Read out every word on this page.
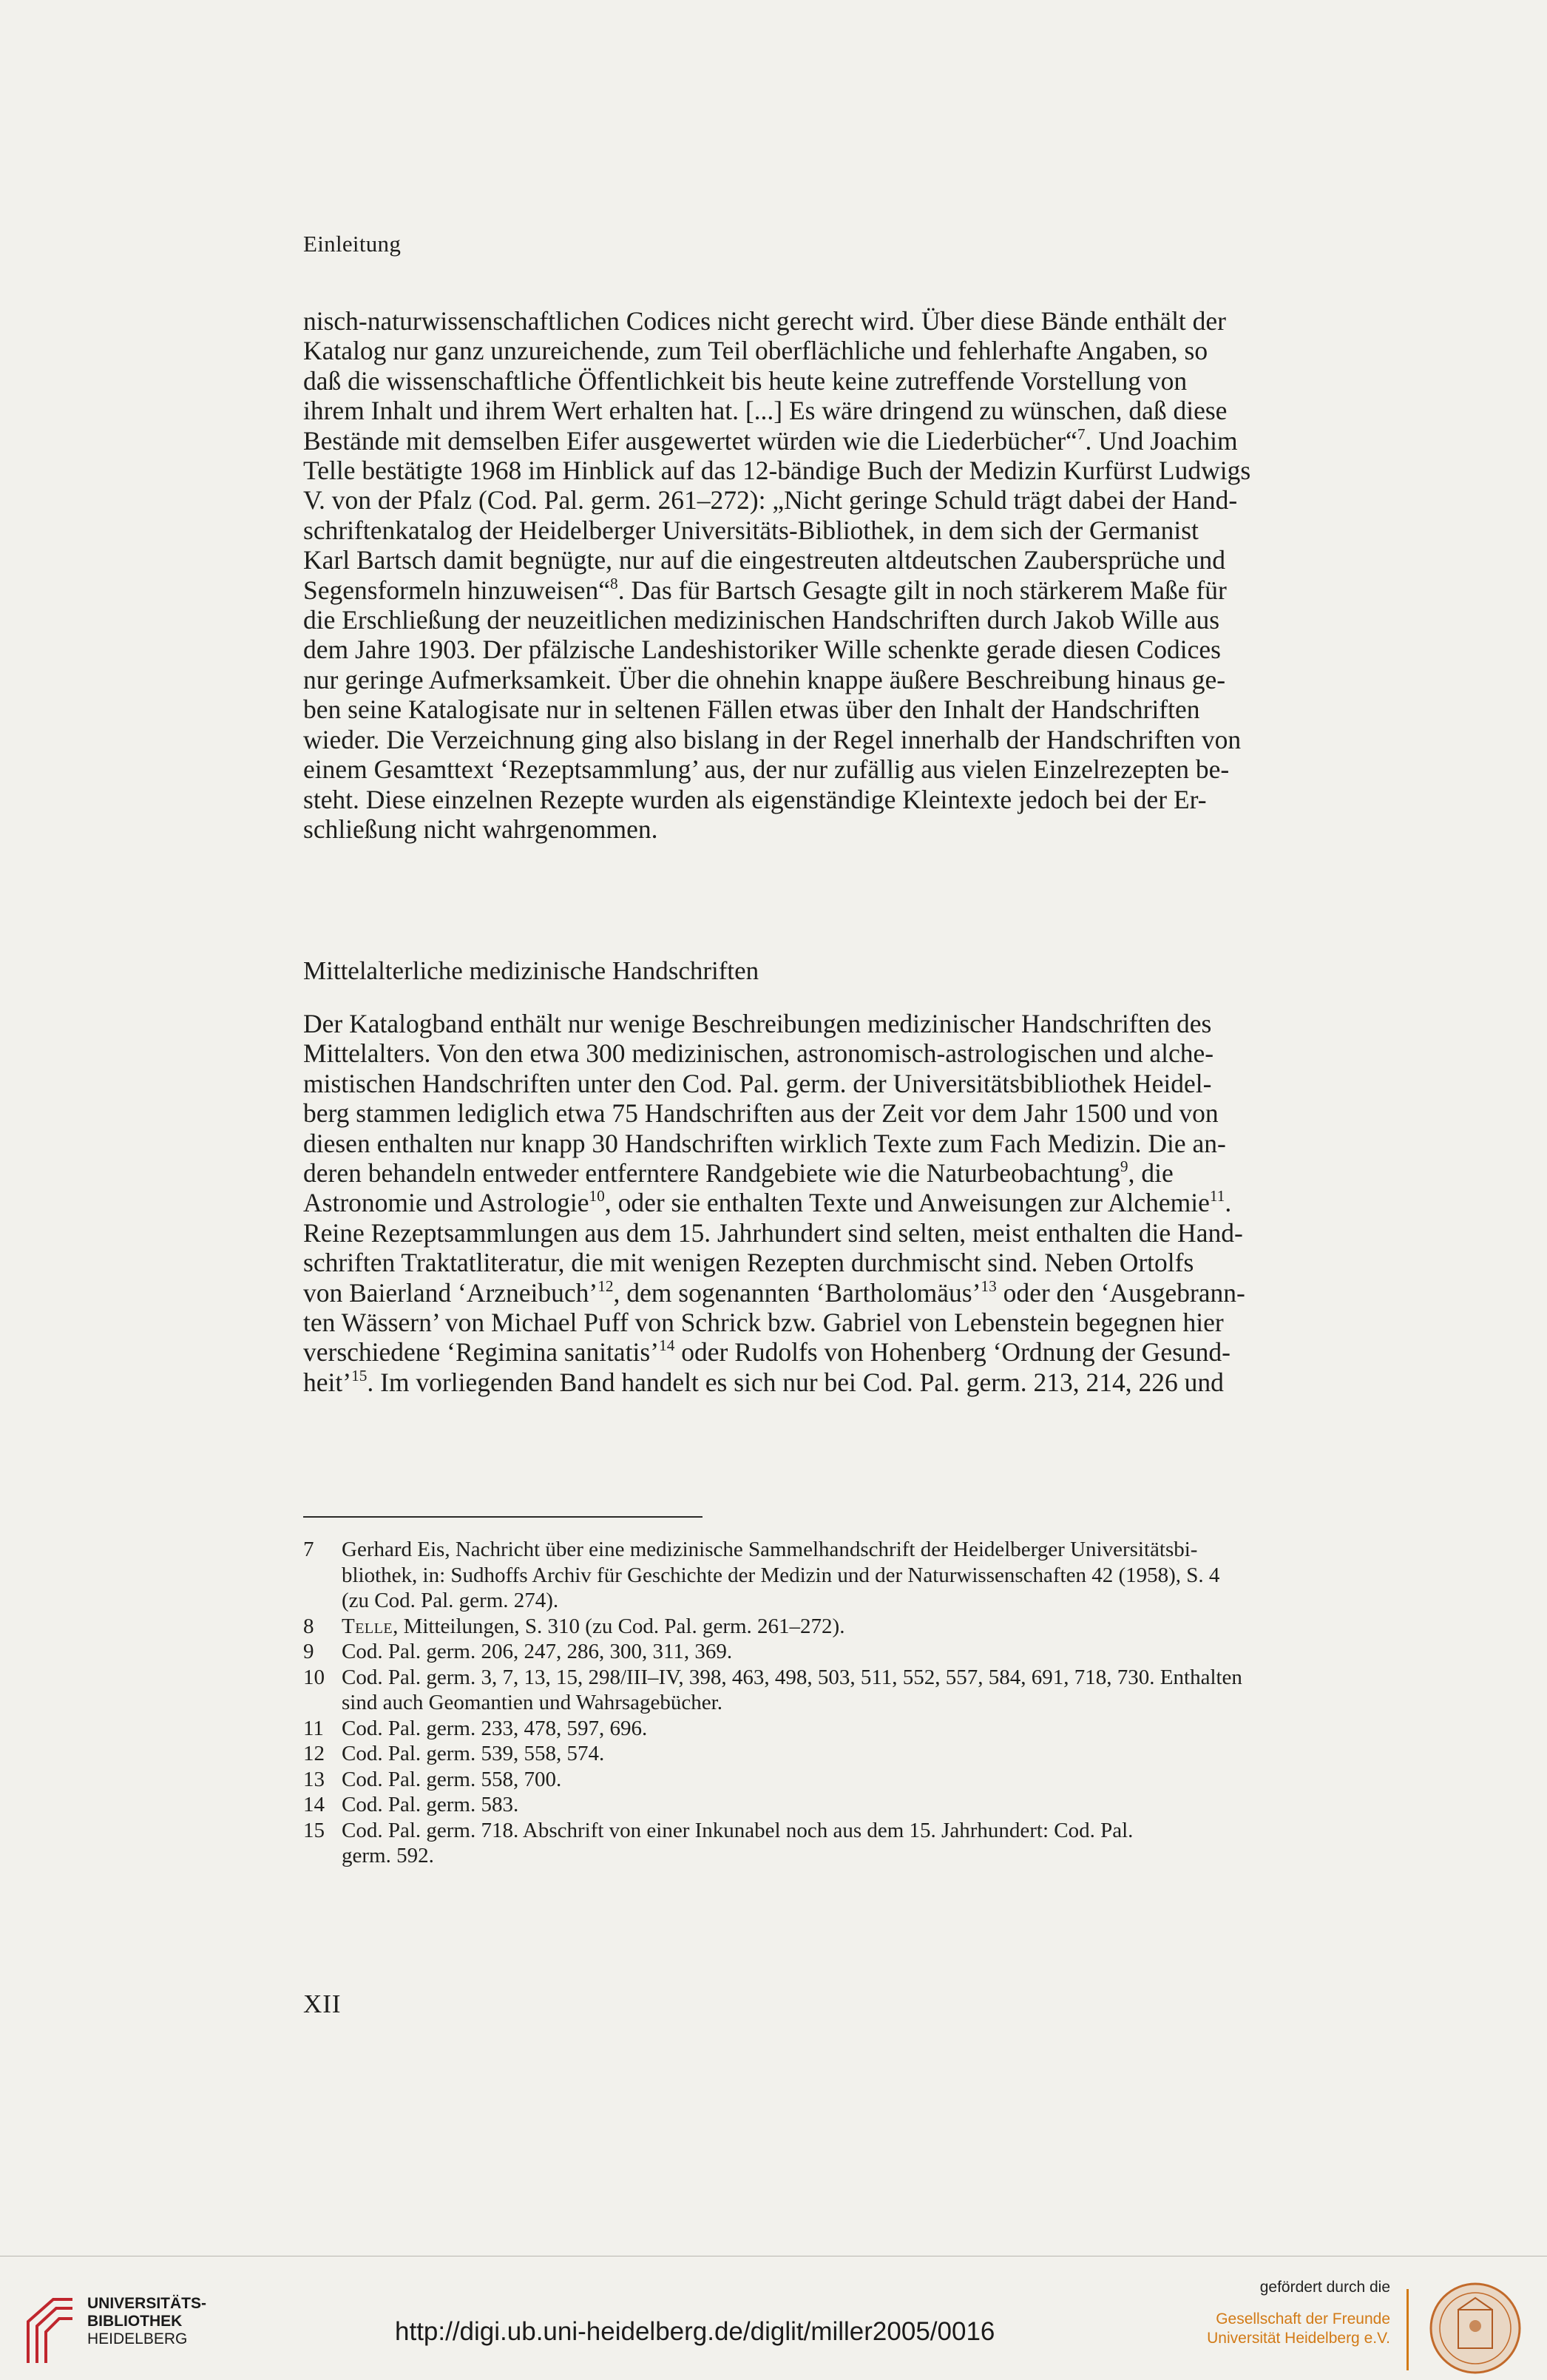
Einleitung
nisch-naturwissenschaftlichen Codices nicht gerecht wird. Über diese Bände enthält der
Katalog nur ganz unzureichende, zum Teil oberflächliche und fehlerhafte Angaben, so
daß die wissenschaftliche Öffentlichkeit bis heute keine zutreffende Vorstellung von
ihrem Inhalt und ihrem Wert erhalten hat. [...] Es wäre dringend zu wünschen, daß diese
Bestände mit demselben Eifer ausgewertet würden wie die Liederbücher“$^7$. Und Joachim
Telle bestätigte 1968 im Hinblick auf das 12-bändige Buch der Medizin Kurfürst Ludwigs
V. von der Pfalz (Cod. Pal. germ. 261–272): „Nicht geringe Schuld trägt dabei der Hand-
schriftenkatalog der Heidelberger Universitäts-Bibliothek, in dem sich der Germanist
Karl Bartsch damit begnügte, nur auf die eingestreuten altdeutschen Zaubersprüche und
Segensformeln hinzuweisen“$^8$. Das für Bartsch Gesagte gilt in noch stärkerem Maße für
die Erschließung der neuzeitlichen medizinischen Handschriften durch Jakob Wille aus
dem Jahre 1903. Der pfälzische Landeshistoriker Wille schenkte gerade diesen Codices
nur geringe Aufmerksamkeit. Über die ohnehin knappe äußere Beschreibung hinaus ge-
ben seine Katalogisate nur in seltenen Fällen etwas über den Inhalt der Handschriften
wieder. Die Verzeichnung ging also bislang in der Regel innerhalb der Handschriften von
einem Gesamttext ‘Rezeptsammlung’ aus, der nur zufällig aus vielen Einzelrezepten be-
steht. Diese einzelnen Rezepte wurden als eigenständige Kleintexte jedoch bei der Er-
schließung nicht wahrgenommen.
Mittelalterliche medizinische Handschriften
Der Katalogband enthält nur wenige Beschreibungen medizinischer Handschriften des
Mittelalters. Von den etwa 300 medizinischen, astronomisch-astrologischen und alche-
mistischen Handschriften unter den Cod. Pal. germ. der Universitätsbibliothek Heidel-
berg stammen lediglich etwa 75 Handschriften aus der Zeit vor dem Jahr 1500 und von
diesen enthalten nur knapp 30 Handschriften wirklich Texte zum Fach Medizin. Die an-
deren behandeln entweder entferntere Randgebiete wie die Naturbeobachtung$^9$, die
Astronomie und Astrologie$^{10}$, oder sie enthalten Texte und Anweisungen zur Alchemie$^{11}$.
Reine Rezeptsammlungen aus dem 15. Jahrhundert sind selten, meist enthalten die Hand-
schriften Traktatliteratur, die mit wenigen Rezepten durchmischt sind. Neben Ortolfs
von Baierland ‘Arzneibuch’$^{12}$, dem sogenannten ‘Bartholomäus’$^{13}$ oder den ‘Ausgebrann-
ten Wässern’ von Michael Puff von Schrick bzw. Gabriel von Lebenstein begegnen hier
verschiedene ‘Regimina sanitatis’$^{14}$ oder Rudolfs von Hohenberg ‘Ordnung der Gesund-
heit’$^{15}$. Im vorliegenden Band handelt es sich nur bei Cod. Pal. germ. 213, 214, 226 und
7	Gerhard Eis, Nachricht über eine medizinische Sammelhandschrift der Heidelberger Universitätsbi-
bliothek, in: Sudhoffs Archiv für Geschichte der Medizin und der Naturwissenschaften 42 (1958), S. 4
(zu Cod. Pal. germ. 274).
8	Telle, Mitteilungen, S. 310 (zu Cod. Pal. germ. 261–272).
9	Cod. Pal. germ. 206, 247, 286, 300, 311, 369.
10 Cod. Pal. germ. 3, 7, 13, 15, 298/III–IV, 398, 463, 498, 503, 511, 552, 557, 584, 691, 718, 730. Enthalten
sind auch Geomantien und Wahrsagebücher.
11 Cod. Pal. germ. 233, 478, 597, 696.
12 Cod. Pal. germ. 539, 558, 574.
13 Cod. Pal. germ. 558, 700.
14 Cod. Pal. germ. 583.
15 Cod. Pal. germ. 718. Abschrift von einer Inkunabel noch aus dem 15. Jahrhundert: Cod. Pal.
germ. 592.
XII
UNIVERSITÄTS-
BIBLIOTHEK
HEIDELBERG	http://digi.ub.uni-heidelberg.de/diglit/miller2005/0016
gefördert durch die
Gesellschaft der Freunde
Universität Heidelberg e.V.
